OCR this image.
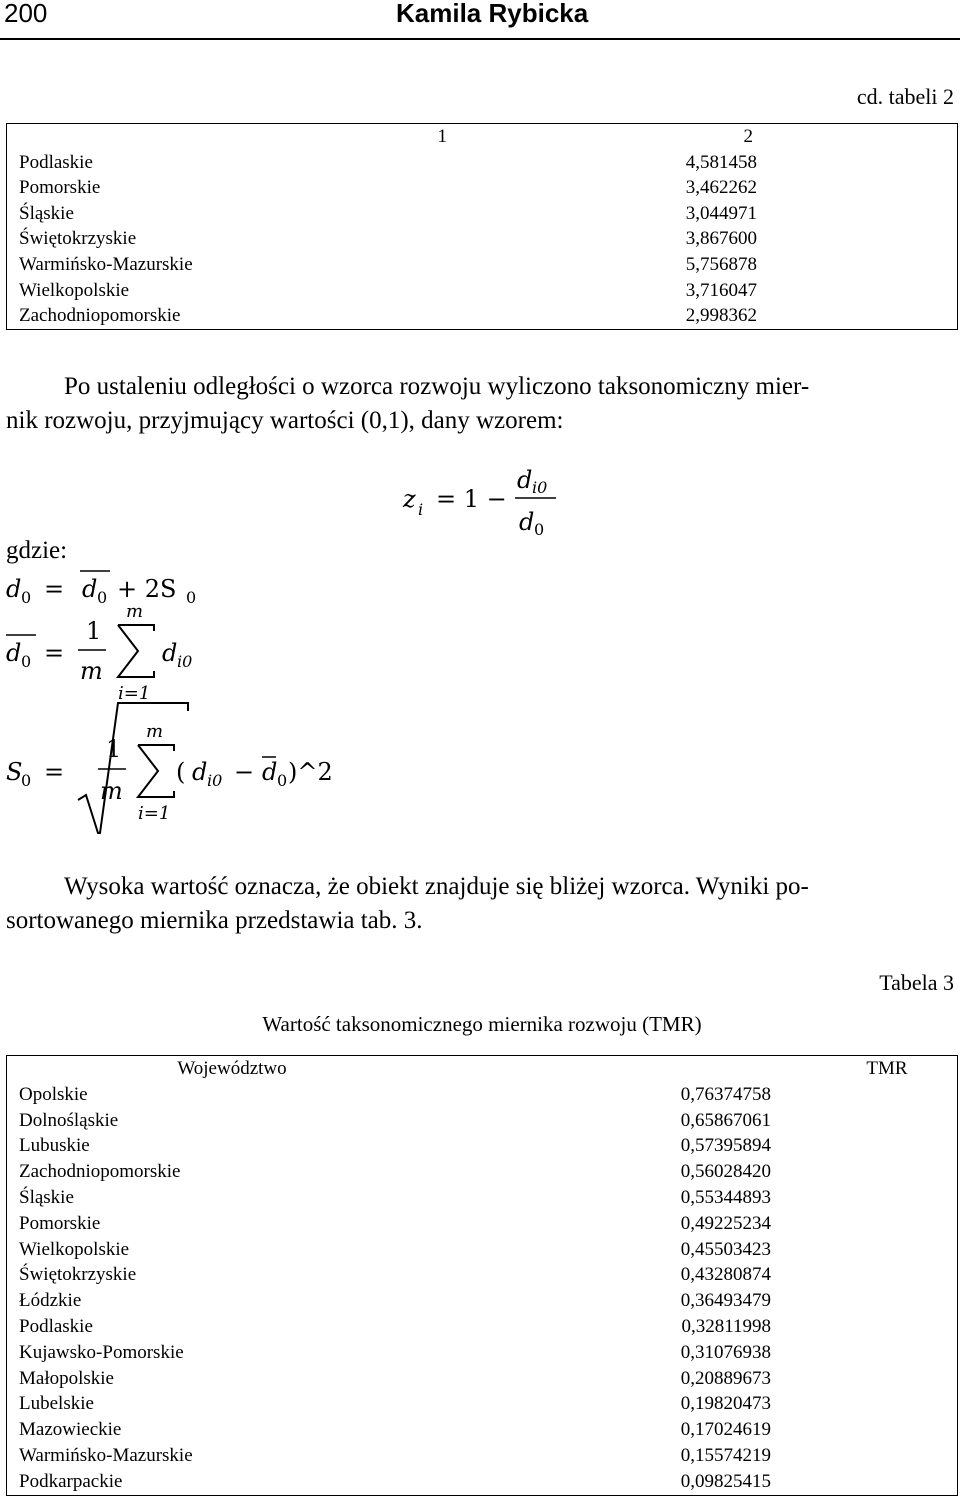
200	Kamila Rybicka
cd. tabeli 2
1	2
Podlaskie	4,581458
Pomorskie	3,462262
Śląskie	3,044971
Świętokrzyskie	3,867600
Warmińsko-Mazurskie	5,756878
Wielkopolskie	3,716047
Zachodniopomorskie	2,998362
Po ustaleniu odległości o wzorca rozwoju wyliczono taksonomiczny mier-
nik rozwoju, przyjmujący wartości (0,1), dany wzorem:
z i = 1 −
d i0
d 0
d 0 = d 0 + 2S 0
d 0 =
1
m
m
i=1
d i0
S
0 =
1
m
m
i=1
( d i0 − d 0 )^2
gdzie:
Wysoka wartość oznacza, że obiekt znajduje się bliżej wzorca. Wyniki po-
sortowanego miernika przedstawia tab. 3.
Tabela 3
Wartość taksonomicznego miernika rozwoju (TMR)
Województwo	TMR
Opolskie	0,76374758
Dolnośląskie	0,65867061
Lubuskie	0,57395894
Zachodniopomorskie	0,56028420
Śląskie	0,55344893
Pomorskie	0,49225234
Wielkopolskie	0,45503423
Świętokrzyskie	0,43280874
Łódzkie	0,36493479
Podlaskie	0,32811998
Kujawsko-Pomorskie	0,31076938
Małopolskie	0,20889673
Lubelskie	0,19820473
Mazowieckie	0,17024619
Warmińsko-Mazurskie	0,15574219
Podkarpackie	0,09825415
